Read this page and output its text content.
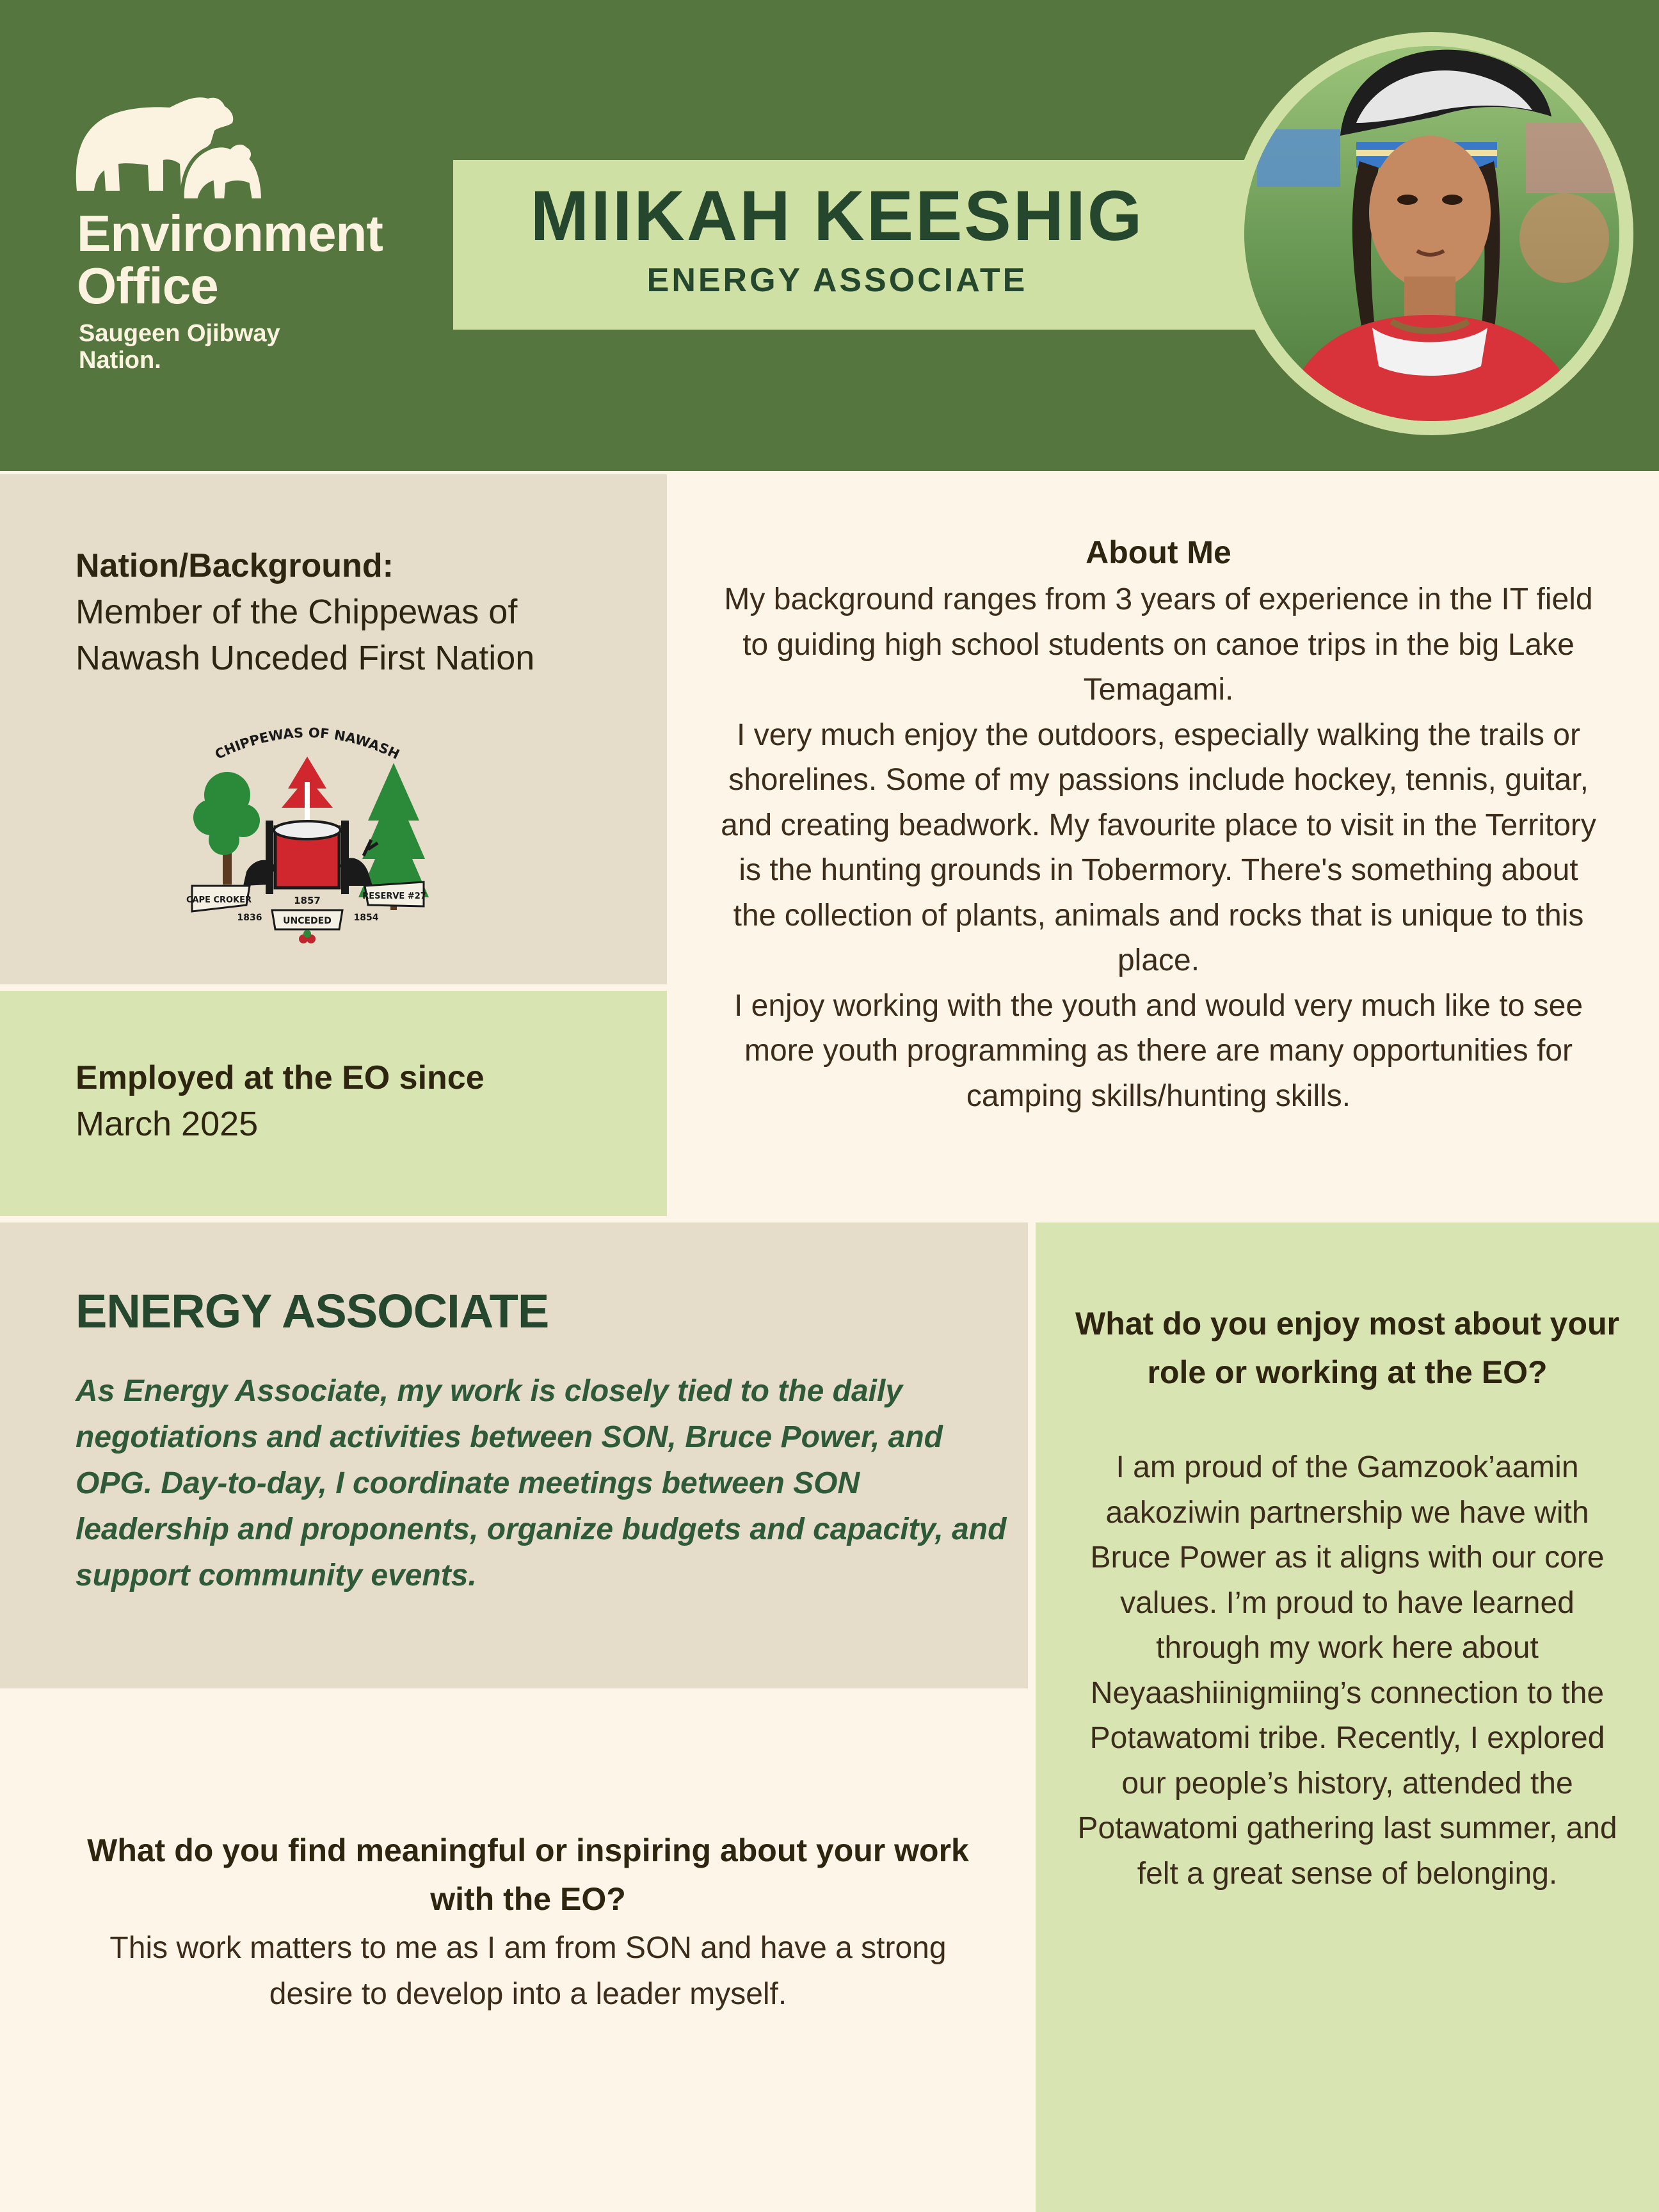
Environment
Office
Saugeen Ojibway
Nation.
MIIKAH KEESHIG
ENERGY ASSOCIATE
Nation/Background:
Member of the Chippewas of Nawash Unceded First Nation
CHIPPEWAS OF NAWASH
CAPE CROKER	1857	RESERVE #27
1836 UNCEDED 1854
Employed at the EO since
March 2025
About Me

My background ranges from 3 years of experience in the IT field to guiding high school students on canoe trips in the big Lake Temagami.

I very much enjoy the outdoors, especially walking the trails or shorelines. Some of my passions include hockey, tennis, guitar, and creating beadwork. My favourite place to visit in the Territory is the hunting grounds in Tobermory. There's something about the collection of plants, animals and rocks that is unique to this place.

I enjoy working with the youth and would very much like to see more youth programming as there are many opportunities for camping skills/hunting skills.

ENERGY ASSOCIATE
As Energy Associate, my work is closely tied to the daily negotiations and activities between SON, Bruce Power, and OPG. Day-to-day, I coordinate meetings between SON leadership and proponents, organize budgets and capacity, and support community events.
What do you find meaningful or inspiring about your work with the EO?
This work matters to me as I am from SON and have a strong desire to develop into a leader myself.
What do you enjoy most about your role or working at the EO?
I am proud of the Gamzook’aamin aakoziwin partnership we have with Bruce Power as it aligns with our core values. I’m proud to have learned through my work here about Neyaashiinigmiing’s connection to the Potawatomi tribe. Recently, I explored our people’s history, attended the Potawatomi gathering last summer, and felt a great sense of belonging.
